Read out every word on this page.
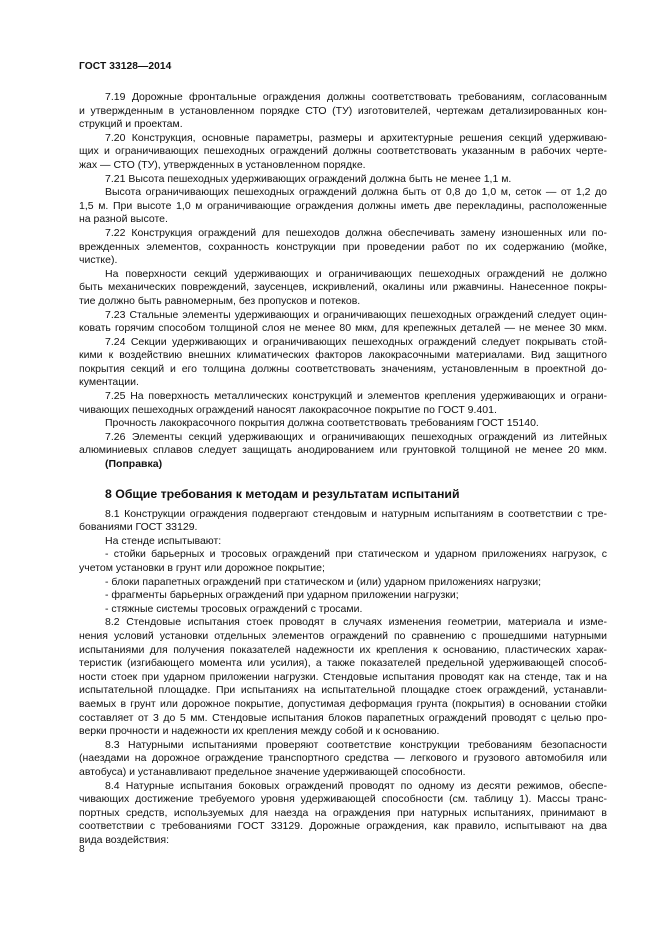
ГОСТ 33128—2014
7.19 Дорожные фронтальные ограждения должны соответствовать требованиям, согласованным
и утвержденным в установленном порядке СТО (ТУ) изготовителей, чертежам детализированных кон-
струкций и проектам.
7.20 Конструкция, основные параметры, размеры и архитектурные решения секций удерживаю-
щих и ограничивающих пешеходных ограждений должны соответствовать указанным в рабочих черте-
жах — СТО (ТУ), утвержденных в установленном порядке.
7.21 Высота пешеходных удерживающих ограждений должна быть не менее 1,1 м.
Высота ограничивающих пешеходных ограждений должна быть от 0,8 до 1,0 м, сеток — от 1,2 до
1,5 м. При высоте 1,0 м ограничивающие ограждения должны иметь две перекладины, расположенные
на разной высоте.
7.22 Конструкция ограждений для пешеходов должна обеспечивать замену изношенных или по-
врежденных элементов, сохранность конструкции при проведении работ по их содержанию (мойке,
чистке).
На поверхности секций удерживающих и ограничивающих пешеходных ограждений не должно
быть механических повреждений, заусенцев, искривлений, окалины или ржавчины. Нанесенное покры-
тие должно быть равномерным, без пропусков и потеков.
7.23 Стальные элементы удерживающих и ограничивающих пешеходных ограждений следует оцин-
ковать горячим способом толщиной слоя не менее 80 мкм, для крепежных деталей — не менее 30 мкм.
7.24 Секции удерживающих и ограничивающих пешеходных ограждений следует покрывать стой-
кими к воздействию внешних климатических факторов лакокрасочными материалами. Вид защитного
покрытия секций и его толщина должны соответствовать значениям, установленным в проектной до-
кументации.
7.25 На поверхность металлических конструкций и элементов крепления удерживающих и ограни-
чивающих пешеходных ограждений наносят лакокрасочное покрытие по ГОСТ 9.401.
Прочность лакокрасочного покрытия должна соответствовать требованиям ГОСТ 15140.
7.26 Элементы секций удерживающих и ограничивающих пешеходных ограждений из литейных
алюминиевых сплавов следует защищать анодированием или грунтовкой толщиной не менее 20 мкм.
(Поправка)
8 Общие требования к методам и результатам испытаний
8.1 Конструкции ограждения подвергают стендовым и натурным испытаниям в соответствии с тре-
бованиями ГОСТ 33129.
На стенде испытывают:
- стойки барьерных и тросовых ограждений при статическом и ударном приложениях нагрузок, с
учетом установки в грунт или дорожное покрытие;
- блоки парапетных ограждений при статическом и (или) ударном приложениях нагрузки;
- фрагменты барьерных ограждений при ударном приложении нагрузки;
- стяжные системы тросовых ограждений с тросами.
8.2 Стендовые испытания стоек проводят в случаях изменения геометрии, материала и изме-
нения условий установки отдельных элементов ограждений по сравнению с прошедшими натурными
испытаниями для получения показателей надежности их крепления к основанию, пластических харак-
теристик (изгибающего момента или усилия), а также показателей предельной удерживающей способ-
ности стоек при ударном приложении нагрузки. Стендовые испытания проводят как на стенде, так и на
испытательной площадке. При испытаниях на испытательной площадке стоек ограждений, устанавли-
ваемых в грунт или дорожное покрытие, допустимая деформация грунта (покрытия) в основании стойки
составляет от 3 до 5 мм. Стендовые испытания блоков парапетных ограждений проводят с целью про-
верки прочности и надежности их крепления между собой и к основанию.
8.3 Натурными испытаниями проверяют соответствие конструкции требованиям безопасности
(наездами на дорожное ограждение транспортного средства — легкового и грузового автомобиля или
автобуса) и устанавливают предельное значение удерживающей способности.
8.4 Натурные испытания боковых ограждений проводят по одному из десяти режимов, обеспе-
чивающих достижение требуемого уровня удерживающей способности (см. таблицу 1). Массы транс-
портных средств, используемых для наезда на ограждения при натурных испытаниях, принимают в
соответствии с требованиями ГОСТ 33129. Дорожные ограждения, как правило, испытывают на два
вида воздействия:
8
